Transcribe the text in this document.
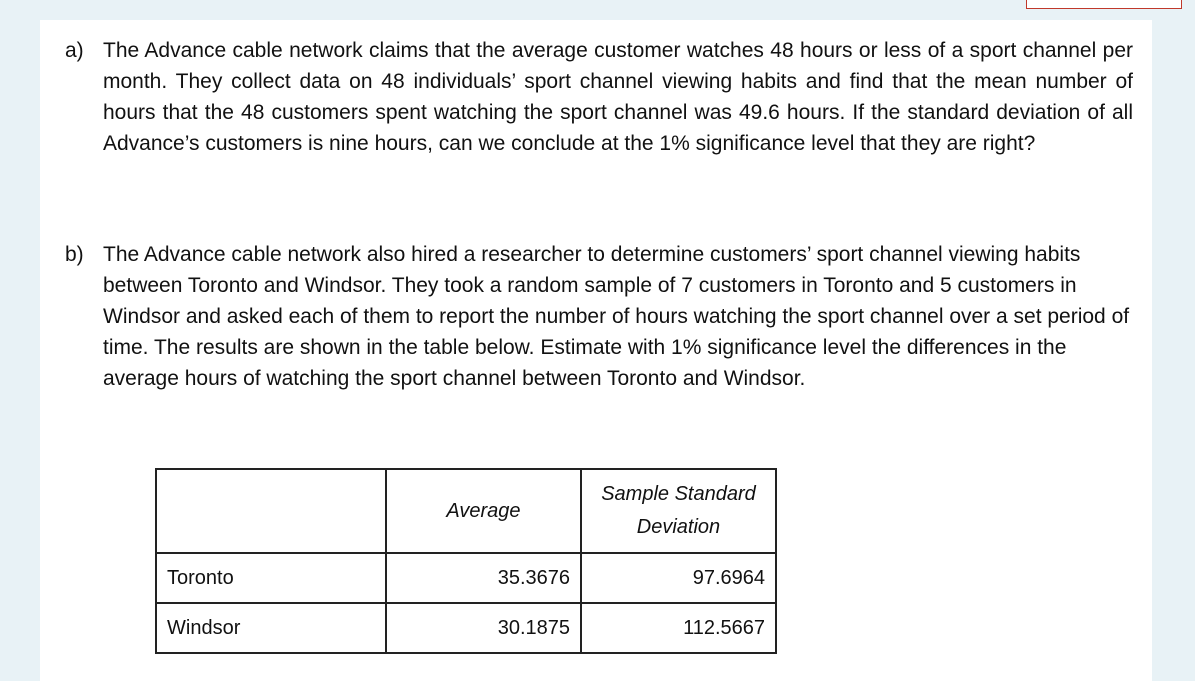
a) The Advance cable network claims that the average customer watches 48 hours or less of a sport channel per month. They collect data on 48 individuals’ sport channel viewing habits and find that the mean number of hours that the 48 customers spent watching the sport channel was 49.6 hours. If the standard deviation of all Advance’s customers is nine hours, can we conclude at the 1% significance level that they are right?
b) The Advance cable network also hired a researcher to determine customers’ sport channel viewing habits between Toronto and Windsor. They took a random sample of 7 customers in Toronto and 5 customers in Windsor and asked each of them to report the number of hours watching the sport channel over a set period of time. The results are shown in the table below. Estimate with 1% significance level the differences in the average hours of watching the sport channel between Toronto and Windsor.
	Average	Sample Standard
Deviation

Toronto	35.3676	97.6964
Windsor	30.1875	112.5667
